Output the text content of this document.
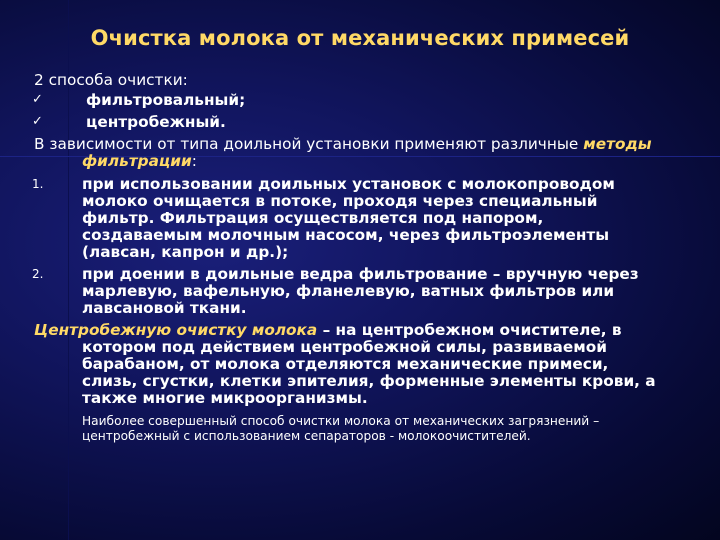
Очистка молока от механических примесей
2 способа очистки:
✓	фильтровальный;
✓	центробежный.
В зависимости от типа доильной установки применяют различные методы
фильтрации:
1.	при использовании доильных установок с молокопроводом
молоко очищается в потоке, проходя через специальный
фильтр. Фильтрация осуществляется под напором,
создаваемым молочным насосом, через фильтроэлементы
(лавсан, капрон и др.);
2.	при доении в доильные ведра фильтрование – вручную через
марлевую, вафельную, фланелевую, ватных фильтров или
лавсановой ткани.
Центробежную очистку молока – на центробежном очистителе, в
котором под действием центробежной силы, развиваемой
барабаном, от молока отделяются механические примеси,
слизь, сгустки, клетки эпителия, форменные элементы крови, а
также многие микроорганизмы.
Наиболее совершенный способ очистки молока от механических загрязнений –
центробежный с использованием сепараторов - молокоочистителей.
